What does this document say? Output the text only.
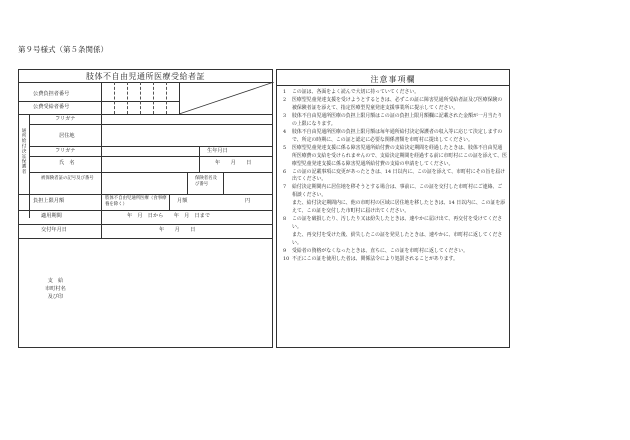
第９号様式（第５条関係）
肢体不自由児通所医療受給者証
公費負担者番号
公費受給者番号
通所給付決定保護者
フリガナ
居住地
フリガナ	生年月日
氏　名	年　　月　　日
被保険者証の記号及び番号	保険者名及び番号
負担上限月額	肢体不自由児通所医療（食事療養を除く）	月額	円
適用期間	年　月　日から　　年　月　日まで
交付年月日	年　　月　　日
支　給
市町村名
及び印
注意事項欄
1	この証は、各面をよく読んで大切に持っていてください。
2	医療型児童発達支援を受けようとするときは、必ずこの証に障害児通所受給者証及び医療保険の被保険者証を添えて、指定医療型児童発達支援事業所に提示してください。
3	肢体不自由児通所医療の負担上限月額はこの証の負担上限月額欄に記載された金額が一月当たりの上限になります。
4	肢体不自由児通所医療の負担上限月額は毎年通所給付決定保護者の収入等に応じて決定しますので、所定の時期に、この証と認定に必要な関係書類を市町村に提出してください。
5	医療型児童発達支援に係る障害児通所給付費の支給決定期間を経過したときは、肢体不自由児通所医療費の支給を受けられませんので、支給決定期間を経過する前に市町村にこの証を添えて、医療型児童発達支援に係る障害児通所給付費の支給の申請をしてください。
6	この証の記載事項に変更があったときは、14 日以内に、この証を添えて、市町村にその旨を届け出てください。
7	給付決定期間内に居住地を移そうとする場合は、事前に、この証を交付した市町村にご連絡、ご相談ください。
また、給付決定期間内に、他の市町村の区域に居住地を移したときは、14 日以内に、この証を添えて、この証を交付した市町村に届け出てください。
8	この証を破損したり、汚したり又は紛失したときは、速やかに届け出て、再交付を受けてください。
また、再交付を受けた後、紛失したこの証を発見したときは、速やかに、市町村に返してください。
9	受給者の資格がなくなったときは、直ちに、この証を市町村に返してください。
10 不正にこの証を使用した者は、関係法令により処罰されることがあります。
